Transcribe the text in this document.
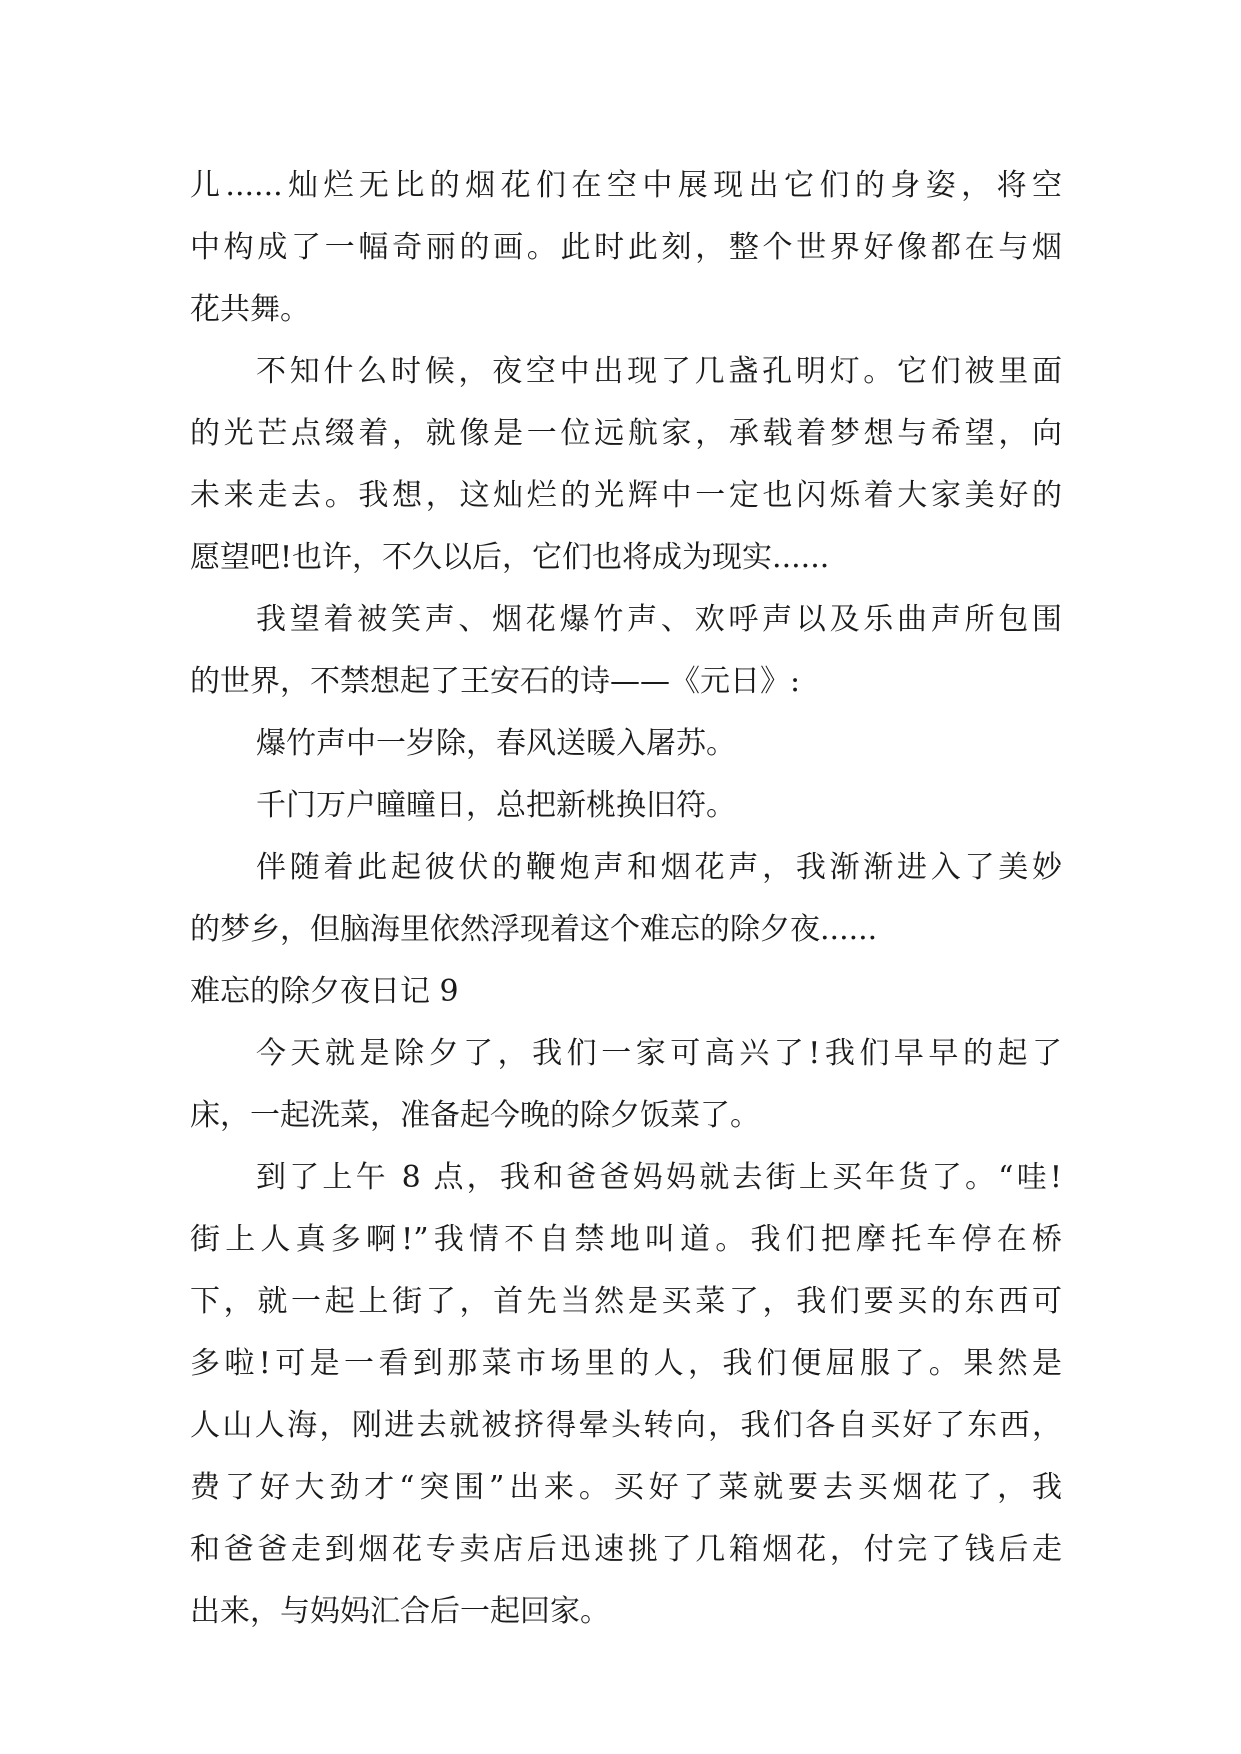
儿......灿烂无比的烟花们在空中展现出它们的身姿，将空
中构成了一幅奇丽的画。此时此刻，整个世界好像都在与烟
花共舞。
不知什么时候，夜空中出现了几盏孔明灯。它们被里面
的光芒点缀着，就像是一位远航家，承载着梦想与希望，向
未来走去。我想，这灿烂的光辉中一定也闪烁着大家美好的
愿望吧!也许，不久以后，它们也将成为现实......
我望着被笑声、烟花爆竹声、欢呼声以及乐曲声所包围
的世界，不禁想起了王安石的诗——《元日》:
爆竹声中一岁除，春风送暖入屠苏。
千门万户曈曈日，总把新桃换旧符。
伴随着此起彼伏的鞭炮声和烟花声，我渐渐进入了美妙
的梦乡，但脑海里依然浮现着这个难忘的除夕夜......
难忘的除夕夜日记 9
今天就是除夕了，我们一家可高兴了!我们早早的起了
床，一起洗菜，准备起今晚的除夕饭菜了。
到了上午 8 点，我和爸爸妈妈就去街上买年货了。“哇!
街上人真多啊!”我情不自禁地叫道。我们把摩托车停在桥
下，就一起上街了，首先当然是买菜了，我们要买的东西可
多啦!可是一看到那菜市场里的人，我们便屈服了。果然是
人山人海，刚进去就被挤得晕头转向，我们各自买好了东西，
费了好大劲才“突围”出来。买好了菜就要去买烟花了，我
和爸爸走到烟花专卖店后迅速挑了几箱烟花，付完了钱后走
出来，与妈妈汇合后一起回家。
